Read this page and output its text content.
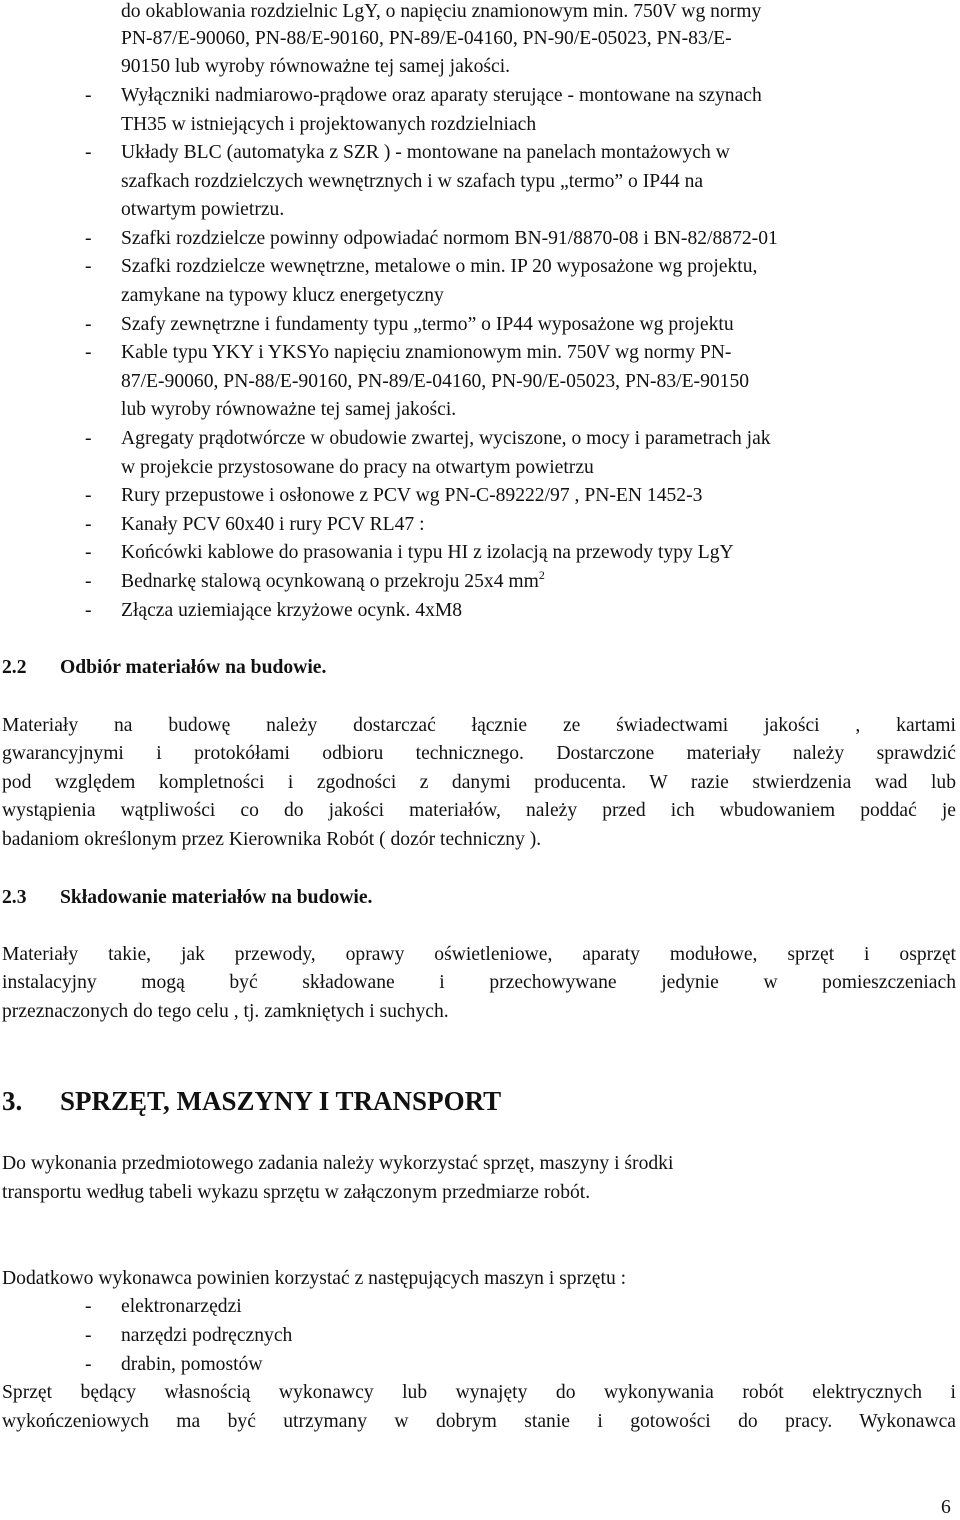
do okablowania rozdzielnic LgY, o napięciu znamionowym min. 750V wg normy
PN-87/E-90060, PN-88/E-90160, PN-89/E-04160, PN-90/E-05023, PN-83/E-
90150 lub wyroby równoważne tej samej jakości.
- Wyłączniki nadmiarowo-prądowe oraz aparaty sterujące - montowane na szynach
TH35 w istniejących i projektowanych rozdzielniach
- Układy BLC (automatyka z SZR ) - montowane na panelach montażowych w
szafkach rozdzielczych wewnętrznych i w szafach typu „termo” o IP44 na
otwartym powietrzu.
- Szafki rozdzielcze powinny odpowiadać normom BN-91/8870-08 i BN-82/8872-01
- Szafki rozdzielcze wewnętrzne, metalowe o min. IP 20 wyposażone wg projektu,
zamykane na typowy klucz energetyczny
- Szafy zewnętrzne i fundamenty typu „termo” o IP44 wyposażone wg projektu
- Kable typu YKY i YKSYo napięciu znamionowym min. 750V wg normy PN-
87/E-90060, PN-88/E-90160, PN-89/E-04160, PN-90/E-05023, PN-83/E-90150
lub wyroby równoważne tej samej jakości.
- Agregaty prądotwórcze w obudowie zwartej, wyciszone, o mocy i parametrach jak
w projekcie przystosowane do pracy na otwartym powietrzu
- Rury przepustowe i osłonowe z PCV wg PN-C-89222/97 , PN-EN 1452-3
- Kanały PCV 60x40 i rury PCV RL47 :
- Końcówki kablowe do prasowania i typu HI z izolacją na przewody typy LgY
- Bednarkę stalową ocynkowaną o przekroju 25x4 $mm^2$
- Złącza uziemiające krzyżowe ocynk. 4xM8
2.2 Odbiór materiałów na budowie.
Materiały na budowę należy dostarczać łącznie ze świadectwami jakości , kartami
gwarancyjnymi i protokółami odbioru technicznego. Dostarczone materiały należy sprawdzić
pod względem kompletności i zgodności z danymi producenta. W razie stwierdzenia wad lub
wystąpienia wątpliwości co do jakości materiałów, należy przed ich wbudowaniem poddać je
badaniom określonym przez Kierownika Robót ( dozór techniczny ).
2.3 Składowanie materiałów na budowie.
Materiały takie, jak przewody, oprawy oświetleniowe, aparaty modułowe, sprzęt i osprzęt
instalacyjny mogą być składowane i przechowywane jedynie w pomieszczeniach
przeznaczonych do tego celu , tj. zamkniętych i suchych.
3. SPRZĘT, MASZYNY I TRANSPORT
Do wykonania przedmiotowego zadania należy wykorzystać sprzęt, maszyny i środki
transportu według tabeli wykazu sprzętu w załączonym przedmiarze robót.
Dodatkowo wykonawca powinien korzystać z następujących maszyn i sprzętu :
- elektronarzędzi
- narzędzi podręcznych
- drabin, pomostów
Sprzęt będący własnością wykonawcy lub wynajęty do wykonywania robót elektrycznych i
wykończeniowych ma być utrzymany w dobrym stanie i gotowości do pracy. Wykonawca
6
